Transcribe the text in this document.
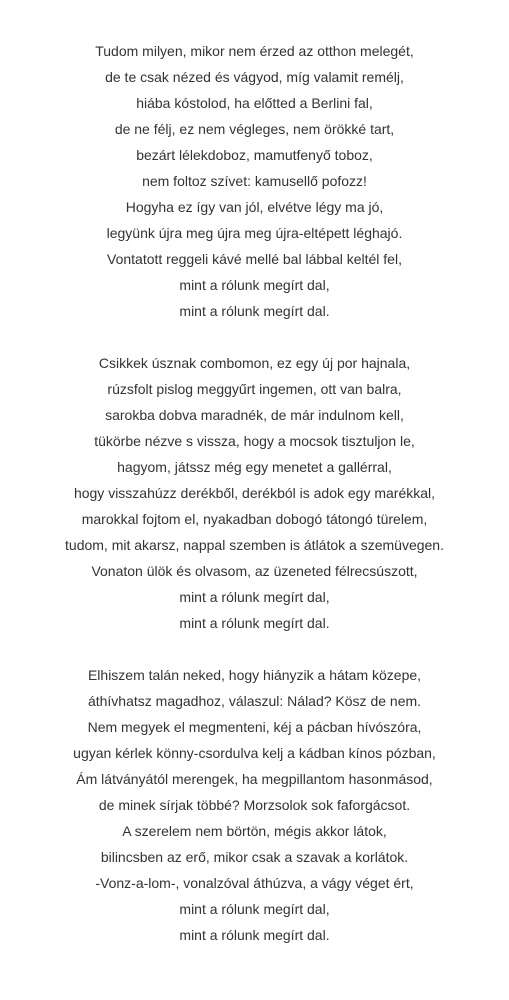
Tudom milyen, mikor nem érzed az otthon melegét,
de te csak nézed és vágyod, míg valamit remélj,
hiába kóstolod, ha előtted a Berlini fal,
de ne félj, ez nem végleges, nem örökké tart,
bezárt lélekdoboz, mamutfenyő toboz,
nem foltoz szívet: kamusellő pofozz!
Hogyha ez így van jól, elvétve légy ma jó,
legyünk újra meg újra meg újra-eltépett léghajó.
Vontatott reggeli kávé mellé bal lábbal keltél fel,
mint a rólunk megírt dal,
mint a rólunk megírt dal.
Csikkek úsznak combomon, ez egy új por hajnala,
rúzsfolt pislog meggyűrt ingemen, ott van balra,
sarokba dobva maradnék, de már indulnom kell,
tükörbe nézve s vissza, hogy a mocsok tisztuljon le,
hagyom, játssz még egy menetet a gallérral,
hogy visszahúzz derékből, derékból is adok egy marékkal,
marokkal fojtom el, nyakadban dobogó tátongó türelem,
tudom, mit akarsz, nappal szemben is átlátok a szemüvegen.
Vonaton ülök és olvasom, az üzeneted félrecsúszott,
mint a rólunk megírt dal,
mint a rólunk megírt dal.
Elhiszem talán neked, hogy hiányzik a hátam közepe,
áthívhatsz magadhoz, válaszul: Nálad? Kösz de nem.
Nem megyek el megmenteni, kéj a pácban hívószóra,
ugyan kérlek könny-csordulva kelj a kádban kínos pózban,
Ám látványától merengek, ha megpillantom hasonmásod,
de minek sírjak többé? Morzsolok sok faforgácsot.
A szerelem nem börtön, mégis akkor látok,
bilincsben az erő, mikor csak a szavak a korlátok.
-Vonz-a-lom-, vonalzóval áthúzva, a vágy véget ért,
mint a rólunk megírt dal,
mint a rólunk megírt dal.
